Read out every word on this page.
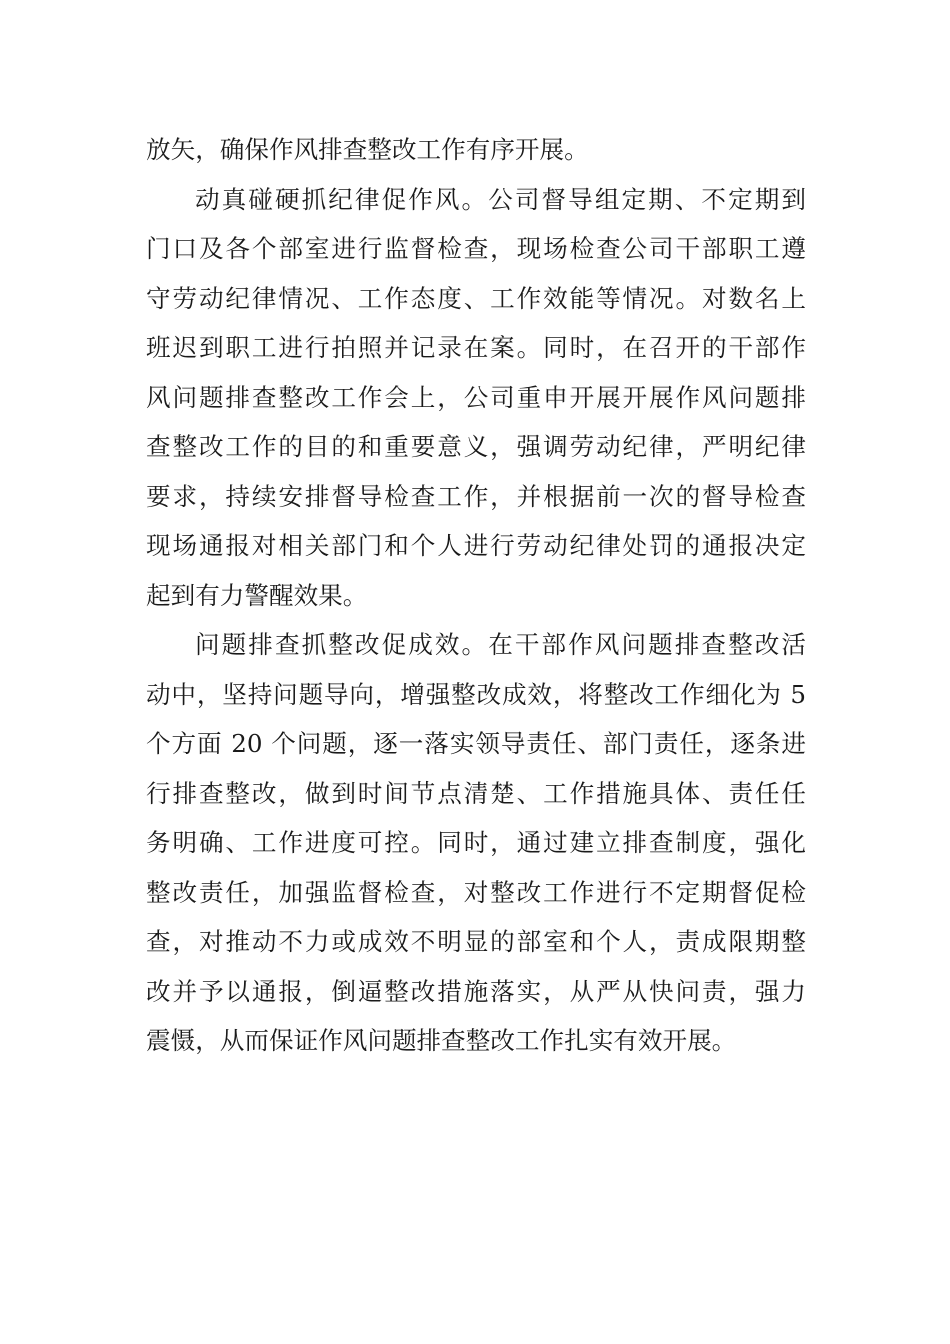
放矢，确保作风排查整改工作有序开展。
动真碰硬抓纪律促作风。公司督导组定期、不定期到
门口及各个部室进行监督检查，现场检查公司干部职工遵
守劳动纪律情况、工作态度、工作效能等情况。对数名上
班迟到职工进行拍照并记录在案。同时，在召开的干部作
风问题排查整改工作会上，公司重申开展开展作风问题排
查整改工作的目的和重要意义，强调劳动纪律，严明纪律
要求，持续安排督导检查工作，并根据前一次的督导检查
现场通报对相关部门和个人进行劳动纪律处罚的通报决定
起到有力警醒效果。
问题排查抓整改促成效。在干部作风问题排查整改活
动中，坚持问题导向，增强整改成效，将整改工作细化为 5
个方面 20 个问题，逐一落实领导责任、部门责任，逐条进
行排查整改，做到时间节点清楚、工作措施具体、责任任
务明确、工作进度可控。同时，通过建立排查制度，强化
整改责任，加强监督检查，对整改工作进行不定期督促检
查，对推动不力或成效不明显的部室和个人，责成限期整
改并予以通报，倒逼整改措施落实，从严从快问责，强力
震慑，从而保证作风问题排查整改工作扎实有效开展。
